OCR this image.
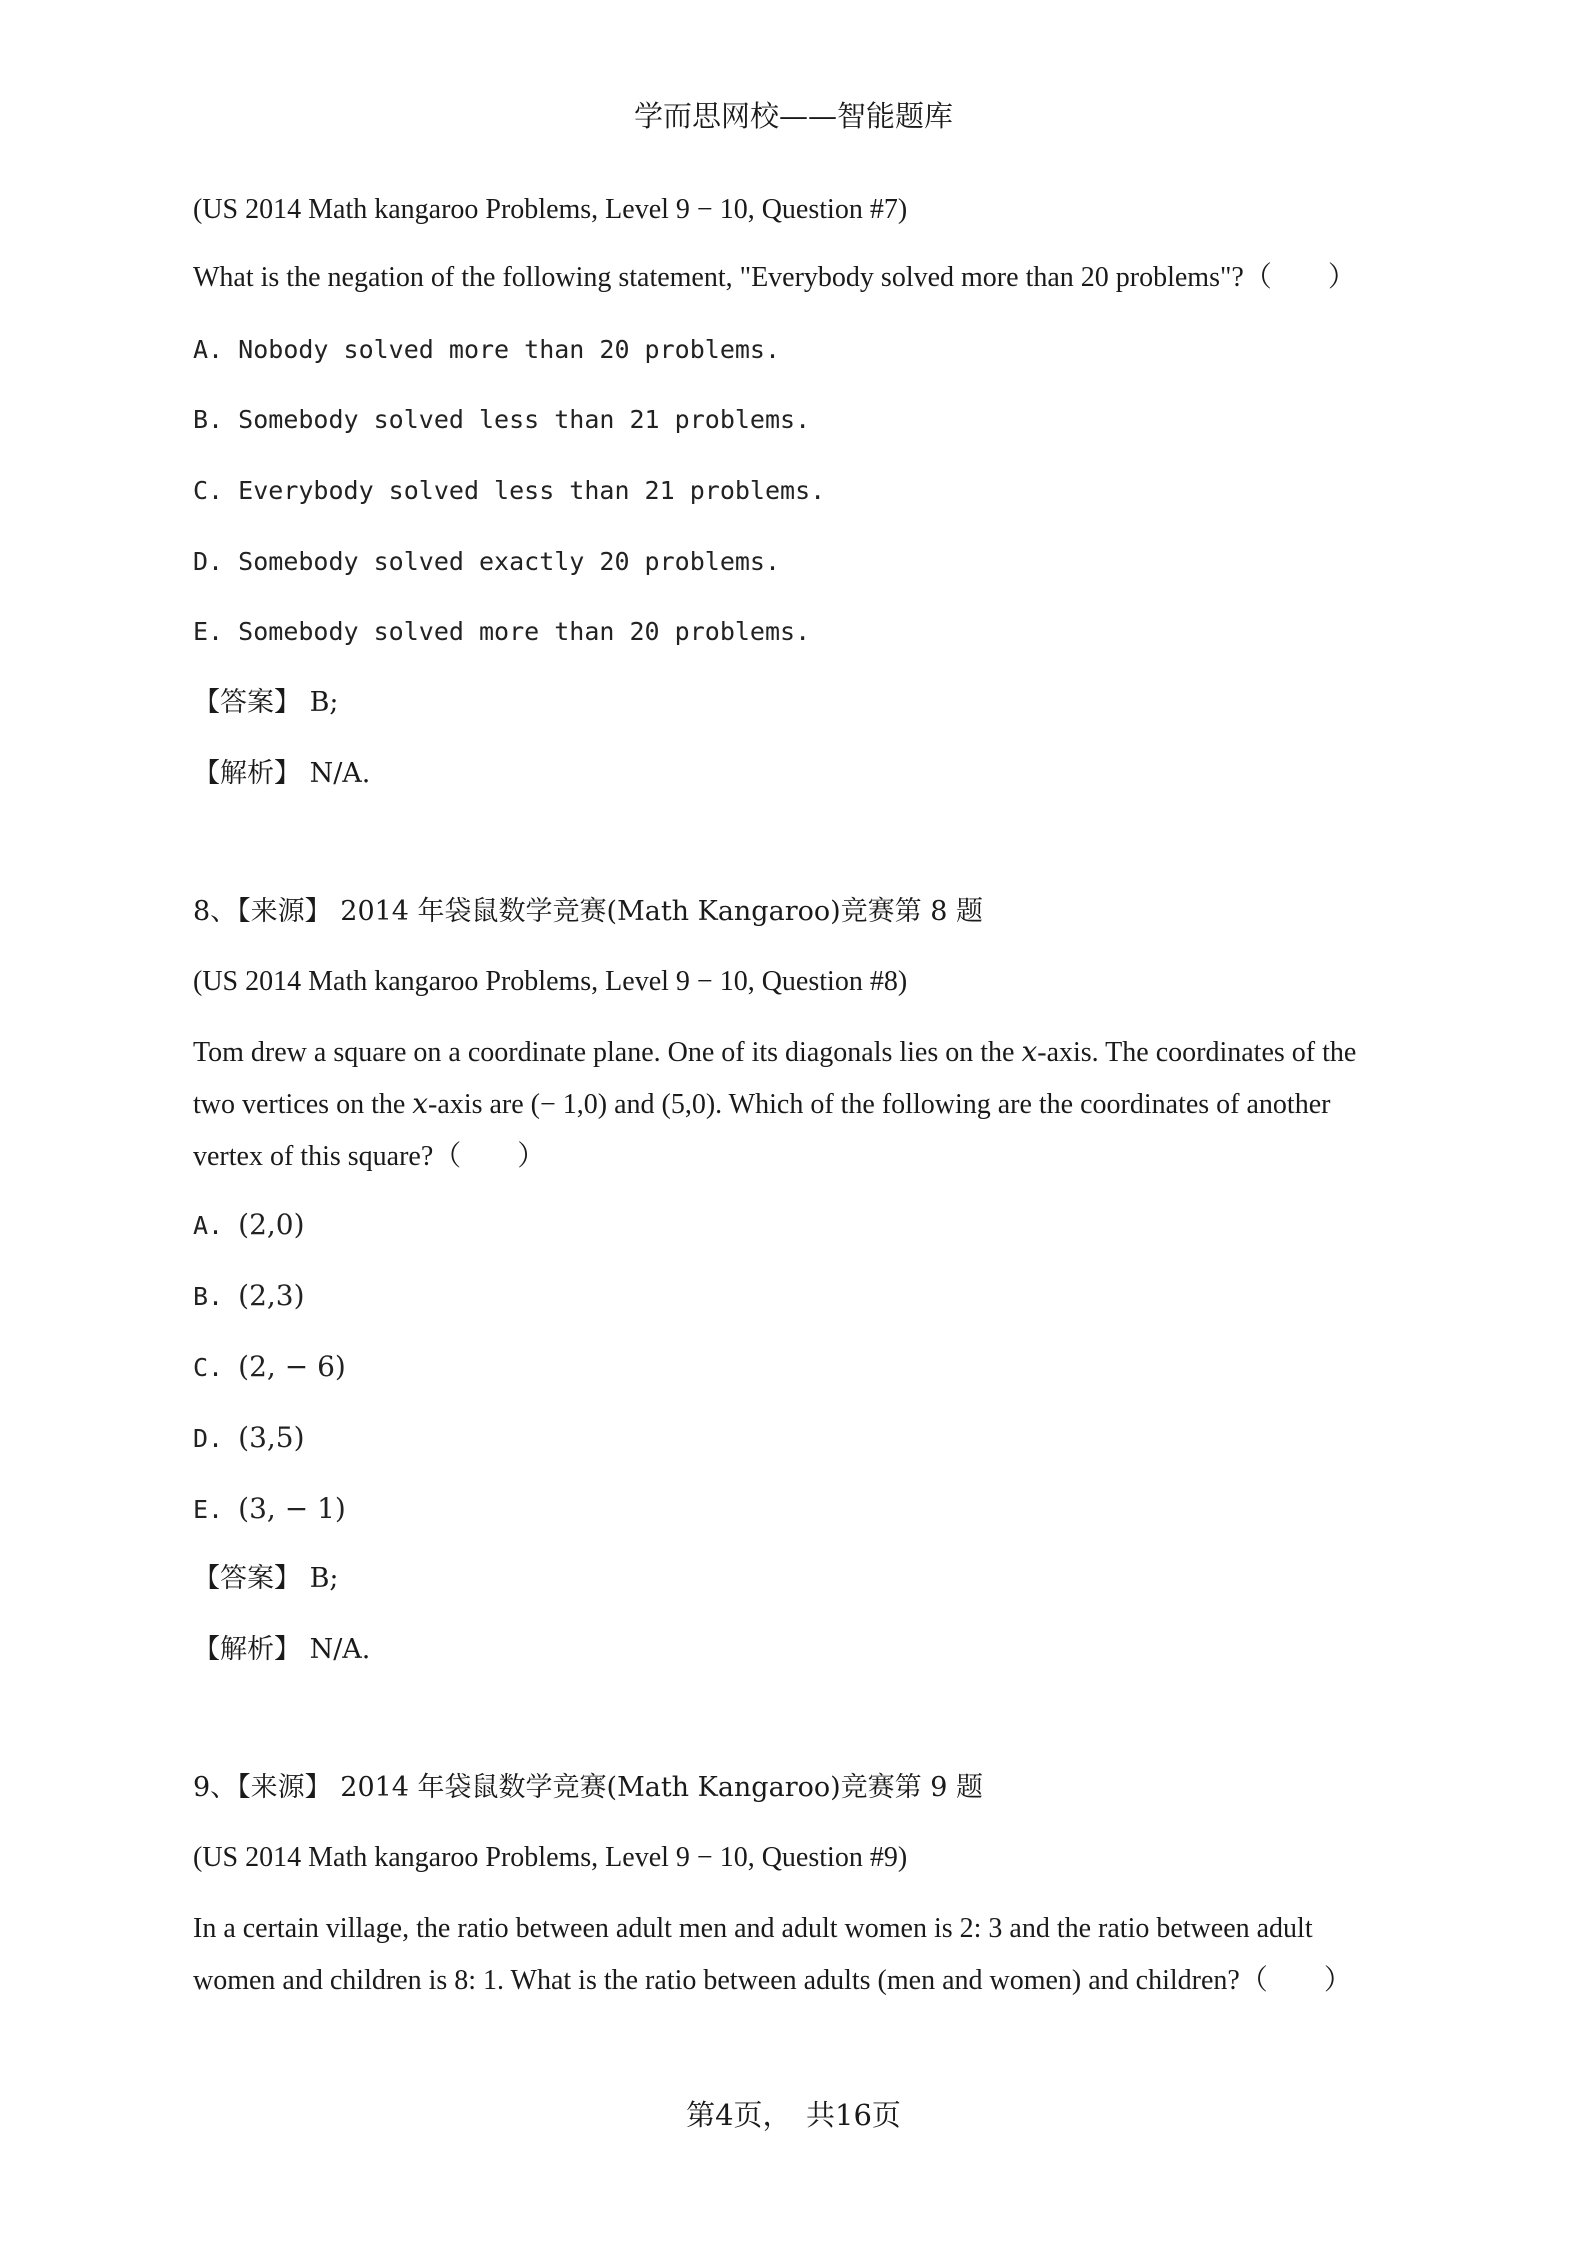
学而思网校——智能题库
(US 2014 Math kangaroo Problems, Level 9 − 10, Question #7)
What is the negation of the following statement, "Everybody solved more than 20 problems"?（　　）
A. Nobody solved more than 20 problems.
B. Somebody solved less than 21 problems.
C. Everybody solved less than 21 problems.
D. Somebody solved exactly 20 problems.
E. Somebody solved more than 20 problems.
【答案】 B;
【解析】 N/A.
8、【来源】 2014 年袋鼠数学竞赛(Math Kangaroo)竞赛第 8 题
(US 2014 Math kangaroo Problems, Level 9 − 10, Question #8)
Tom drew a square on a coordinate plane. One of its diagonals lies on the 𝑥-axis. The coordinates of the
two vertices on the 𝑥-axis are (− 1,0) and (5,0). Which of the following are the coordinates of another
vertex of this square?（　　）
A. (2,0)
B. (2,3)
C. (2, − 6)
D. (3,5)
E. (3, − 1)
【答案】 B;
【解析】 N/A.
9、【来源】 2014 年袋鼠数学竞赛(Math Kangaroo)竞赛第 9 题
(US 2014 Math kangaroo Problems, Level 9 − 10, Question #9)
In a certain village, the ratio between adult men and adult women is 2: 3 and the ratio between adult
women and children is 8: 1. What is the ratio between adults (men and women) and children?（　　）
第4页，　共16页
